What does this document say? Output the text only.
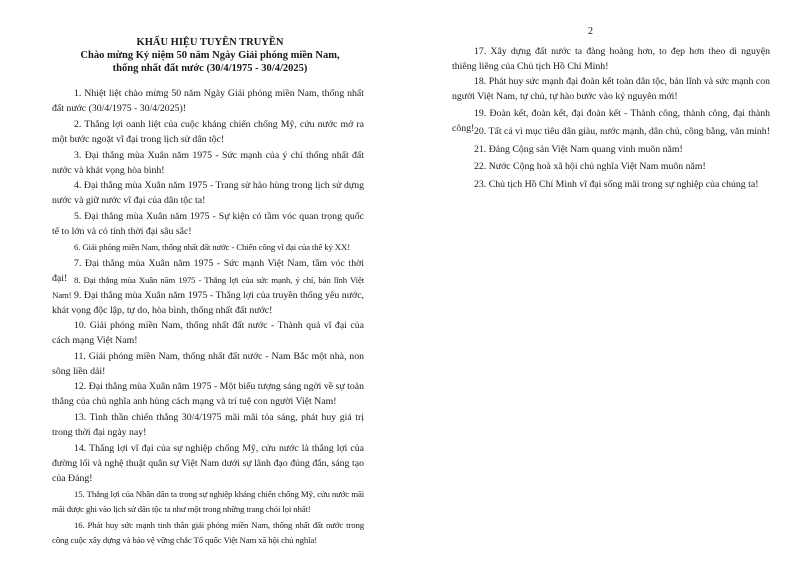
KHẨU HIỆU TUYÊN TRUYỀN
Chào mừng Kỷ niệm 50 năm Ngày Giải phóng miền Nam,
thống nhất đất nước (30/4/1975 - 30/4/2025)
1. Nhiệt liệt chào mừng 50 năm Ngày Giải phóng miền Nam, thống nhất đất nước (30/4/1975 - 30/4/2025)!
2. Thắng lợi oanh liệt của cuộc kháng chiến chống Mỹ, cứu nước mở ra một bước ngoặt vĩ đại trong lịch sử dân tộc!
3. Đại thắng mùa Xuân năm 1975 - Sức mạnh của ý chí thống nhất đất nước và khát vọng hòa bình!
4. Đại thắng mùa Xuân năm 1975 - Trang sử hào hùng trong lịch sử dựng nước và giữ nước vĩ đại của dân tộc ta!
5. Đại thắng mùa Xuân năm 1975 - Sự kiện có tầm vóc quan trọng quốc tế to lớn và có tính thời đại sâu sắc!
6. Giải phóng miền Nam, thống nhất đất nước - Chiến công vĩ đại của thế kỷ XX!
7. Đại thắng mùa Xuân năm 1975 - Sức mạnh Việt Nam, tầm vóc thời đại! 8. Đại thắng mùa Xuân năm 1975 - Thắng lợi của sức mạnh, ý chí, bản lĩnh Việt Nam! 9. Đại thắng mùa Xuân năm 1975 - Thắng lợi của truyền thống yêu nước, khát vọng độc lập, tự do, hòa bình, thống nhất đất nước!
10. Giải phóng miền Nam, thống nhất đất nước - Thành quả vĩ đại của cách mạng Việt Nam!
11. Giải phóng miền Nam, thống nhất đất nước - Nam Bắc một nhà, non sông liền dải!
12. Đại thắng mùa Xuân năm 1975 - Một biểu tượng sáng ngời về sự toàn thắng của chủ nghĩa anh hùng cách mạng và trí tuệ con người Việt Nam!
13. Tinh thần chiến thắng 30/4/1975 mãi mãi tỏa sáng, phát huy giá trị trong thời đại ngày nay!
14. Thắng lợi vĩ đại của sự nghiệp chống Mỹ, cứu nước là thắng lợi của đường lối và nghệ thuật quân sự Việt Nam dưới sự lãnh đạo đúng đắn, sáng tạo của Đảng!
15. Thắng lợi của Nhân dân ta trong sự nghiệp kháng chiến chống Mỹ, cứu nước mãi mãi được ghi vào lịch sử dân tộc ta như một trong những trang chói lọi nhất!
16. Phát huy sức mạnh tinh thần giải phóng miền Nam, thống nhất đất nước trong công cuộc xây dựng và bảo vệ vững chắc Tổ quốc Việt Nam xã hội chủ nghĩa!
2
17. Xây dựng đất nước ta đàng hoàng hơn, to đẹp hơn theo di nguyện thiêng liêng của Chủ tịch Hồ Chí Minh!
18. Phát huy sức mạnh đại đoàn kết toàn dân tộc, bản lĩnh và sức mạnh con người Việt Nam, tự chủ, tự hào bước vào kỷ nguyên mới!
19. Đoàn kết, đoàn kết, đại đoàn kết - Thành công, thành công, đại thành công! 20. Tất cả vì mục tiêu dân giàu, nước mạnh, dân chủ, công bằng, văn minh!
21. Đảng Cộng sản Việt Nam quang vinh muôn năm!
22. Nước Cộng hoà xã hội chủ nghĩa Việt Nam muôn năm!
23. Chủ tịch Hồ Chí Minh vĩ đại sống mãi trong sự nghiệp của chúng ta!
